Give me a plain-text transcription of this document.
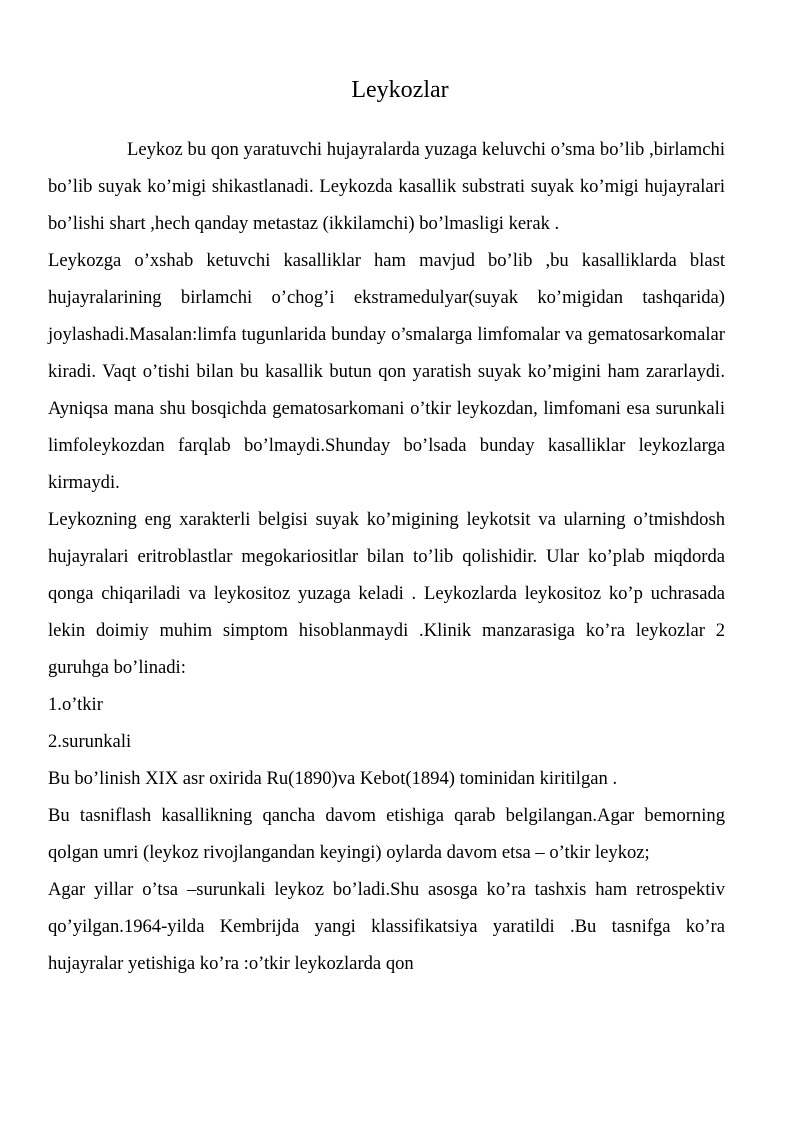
Leykozlar

Leykoz bu qon yaratuvchi hujayralarda yuzaga keluvchi o’sma bo’lib ,birlamchi bo’lib suyak ko’migi shikastlanadi. Leykozda kasallik substrati suyak ko’migi hujayralari bo’lishi shart ,hech qanday metastaz (ikkilamchi) bo’lmasligi kerak .

Leykozga o’xshab ketuvchi kasalliklar ham mavjud bo’lib ,bu kasalliklarda blast hujayralarining birlamchi o’chog’i ekstramedulyar(suyak ko’migidan tashqarida) joylashadi.Masalan:limfa tugunlarida bunday o’smalarga limfomalar va gematosarkomalar kiradi. Vaqt o’tishi bilan bu kasallik butun qon yaratish suyak ko’migini ham zararlaydi. Ayniqsa mana shu bosqichda gematosarkomani o’tkir leykozdan, limfomani esa surunkali limfoleykozdan farqlab bo’lmaydi.Shunday bo’lsada bunday kasalliklar leykozlarga kirmaydi.

Leykozning eng xarakterli belgisi suyak ko’migining leykotsit va ularning o’tmishdosh hujayralari eritroblastlar megokariositlar bilan to’lib qolishidir. Ular ko’plab miqdorda qonga chiqariladi va leykositoz yuzaga keladi . Leykozlarda leykositoz ko’p uchrasada lekin doimiy muhim simptom hisoblanmaydi .Klinik manzarasiga ko’ra leykozlar 2 guruhga bo’linadi:

1.o’tkir

2.surunkali

Bu bo’linish XIX asr oxirida Ru(1890)va Kebot(1894) tominidan kiritilgan .

Bu tasniflash kasallikning qancha davom etishiga qarab belgilangan.Agar bemorning qolgan umri (leykoz rivojlangandan keyingi) oylarda davom etsa – o’tkir leykoz;

Agar yillar o’tsa –surunkali leykoz bo’ladi.Shu asosga ko’ra tashxis ham retrospektiv qo’yilgan.1964-yilda Kembrijda yangi klassifikatsiya yaratildi .Bu tasnifga ko’ra hujayralar yetishiga ko’ra :o’tkir leykozlarda qon
